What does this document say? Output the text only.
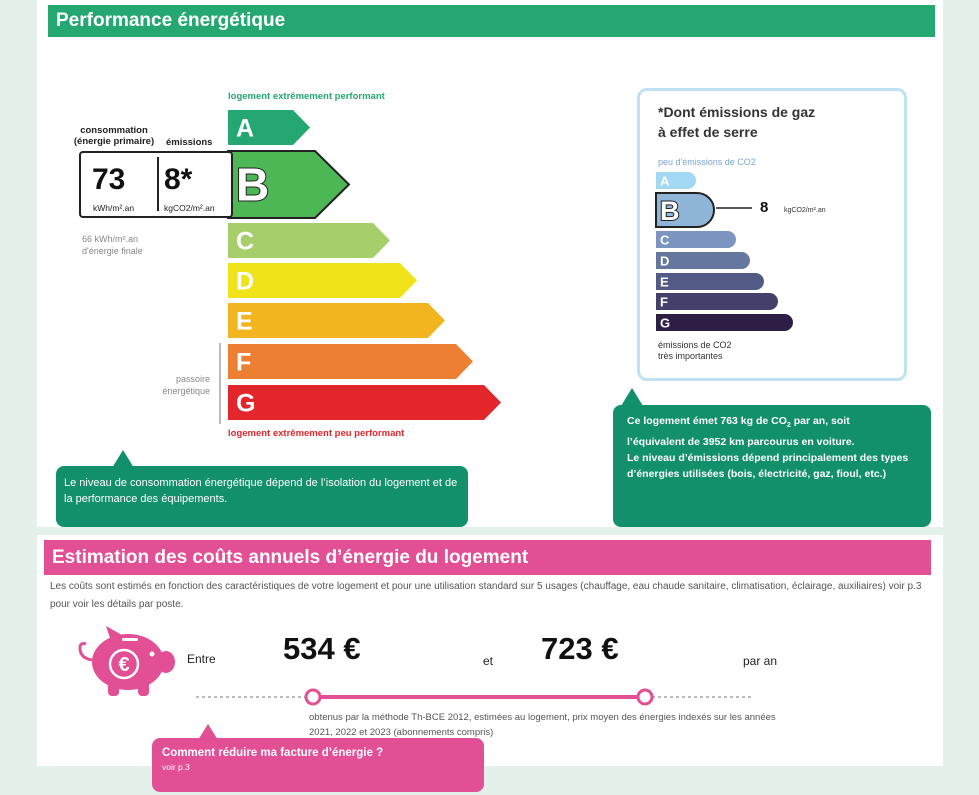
Performance énergétique
logement extrêmement performant
logement extrêmement peu performant
consommation
(énergie primaire)	émissions A
B
C
D
E
F
G
73
kWh/m².an
8*
kgCO2/m².an
66 kWh/m².an
d'énergie finale
passoire
énergétique
Le niveau de consommation énergétique dépend de l’isolation du logement et de la performance des équipements.
*Dont émissions de gaz
à effet de serre
peu d'émissions de CO2
A
B
C
D
E
F
G
8 kgCO2/m².an
émissions de CO2
très importantes
Ce logement émet 763 kg de $CO_2$ par an, soit
l’équivalent de 3952 km parcourus en voiture.
Le niveau d’émissions dépend principalement des types d’énergies utilisées (bois, électricité, gaz, fioul, etc.)
Estimation des coûts annuels d’énergie du logement
Les coûts sont estimés en fonction des caractéristiques de votre logement et pour une utilisation standard sur 5 usages (chauffage, eau chaude sanitaire, climatisation, éclairage, auxiliaires) voir p.3 pour voir les détails par poste.
€	Entre 534 €	et 723 €	par an
obtenus par la méthode Th-BCE 2012, estimées au logement, prix moyen des énergies indexés sur les années 2021, 2022 et 2023 (abonnements compris)
Comment réduire ma facture d’énergie ?
voir p.3
